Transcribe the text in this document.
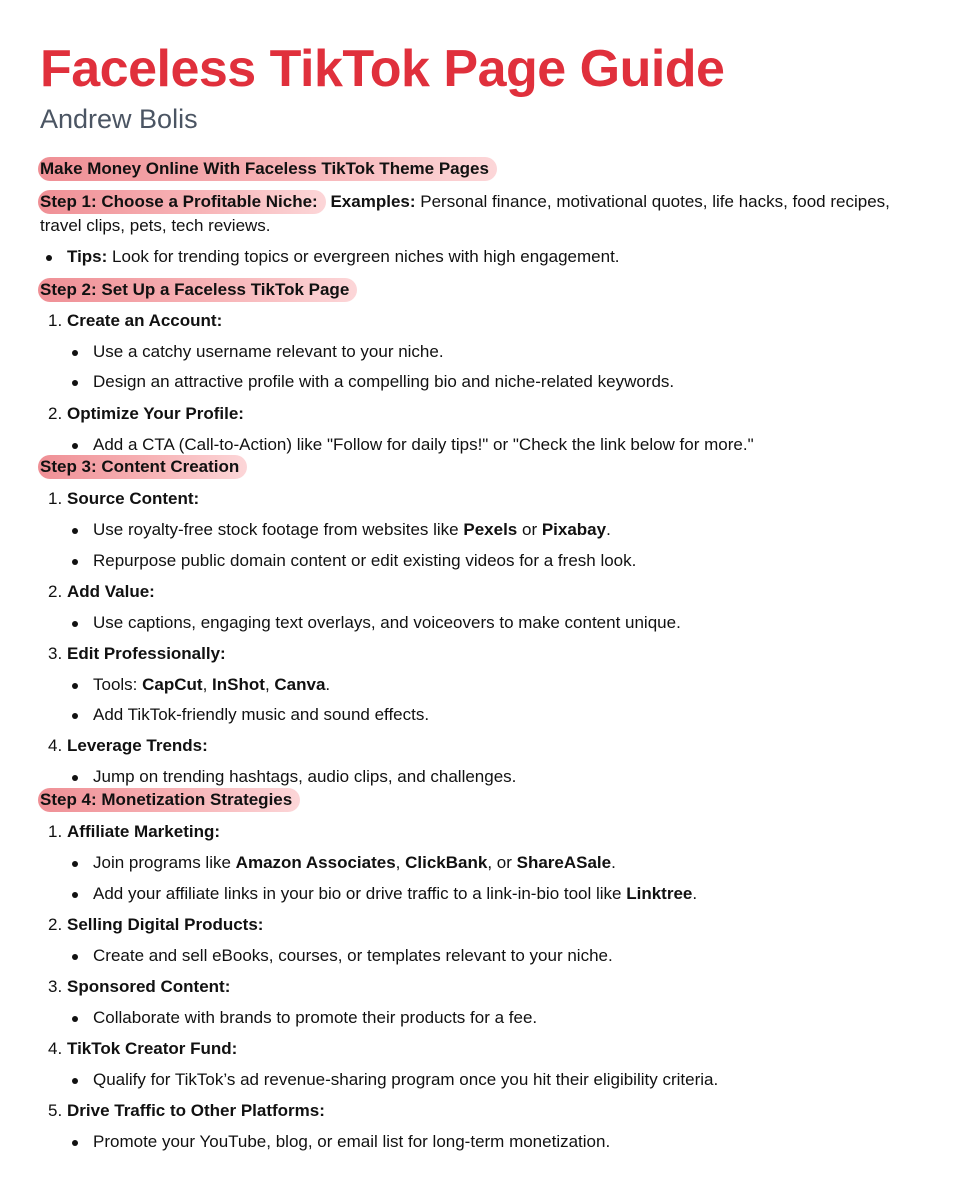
Faceless TikTok Page Guide
Andrew Bolis
Make Money Online With Faceless TikTok Theme Pages
Step 1: Choose a Profitable Niche: Examples: Personal finance, motivational quotes, life hacks, food recipes, travel clips, pets, tech reviews.
Tips: Look for trending topics or evergreen niches with high engagement.
Step 2: Set Up a Faceless TikTok Page
1. Create an Account:
Use a catchy username relevant to your niche.
Design an attractive profile with a compelling bio and niche-related keywords.
2. Optimize Your Profile:
Add a CTA (Call-to-Action) like "Follow for daily tips!" or "Check the link below for more."
Step 3: Content Creation
1. Source Content:
Use royalty-free stock footage from websites like Pexels or Pixabay.
Repurpose public domain content or edit existing videos for a fresh look.
2. Add Value:
Use captions, engaging text overlays, and voiceovers to make content unique.
3. Edit Professionally:
Tools: CapCut, InShot, Canva.
Add TikTok-friendly music and sound effects.
4. Leverage Trends:
Jump on trending hashtags, audio clips, and challenges.
Step 4: Monetization Strategies
1. Affiliate Marketing:
Join programs like Amazon Associates, ClickBank, or ShareASale.
Add your affiliate links in your bio or drive traffic to a link-in-bio tool like Linktree.
2. Selling Digital Products:
Create and sell eBooks, courses, or templates relevant to your niche.
3. Sponsored Content:
Collaborate with brands to promote their products for a fee.
4. TikTok Creator Fund:
Qualify for TikTok’s ad revenue-sharing program once you hit their eligibility criteria.
5. Drive Traffic to Other Platforms:
Promote your YouTube, blog, or email list for long-term monetization.
